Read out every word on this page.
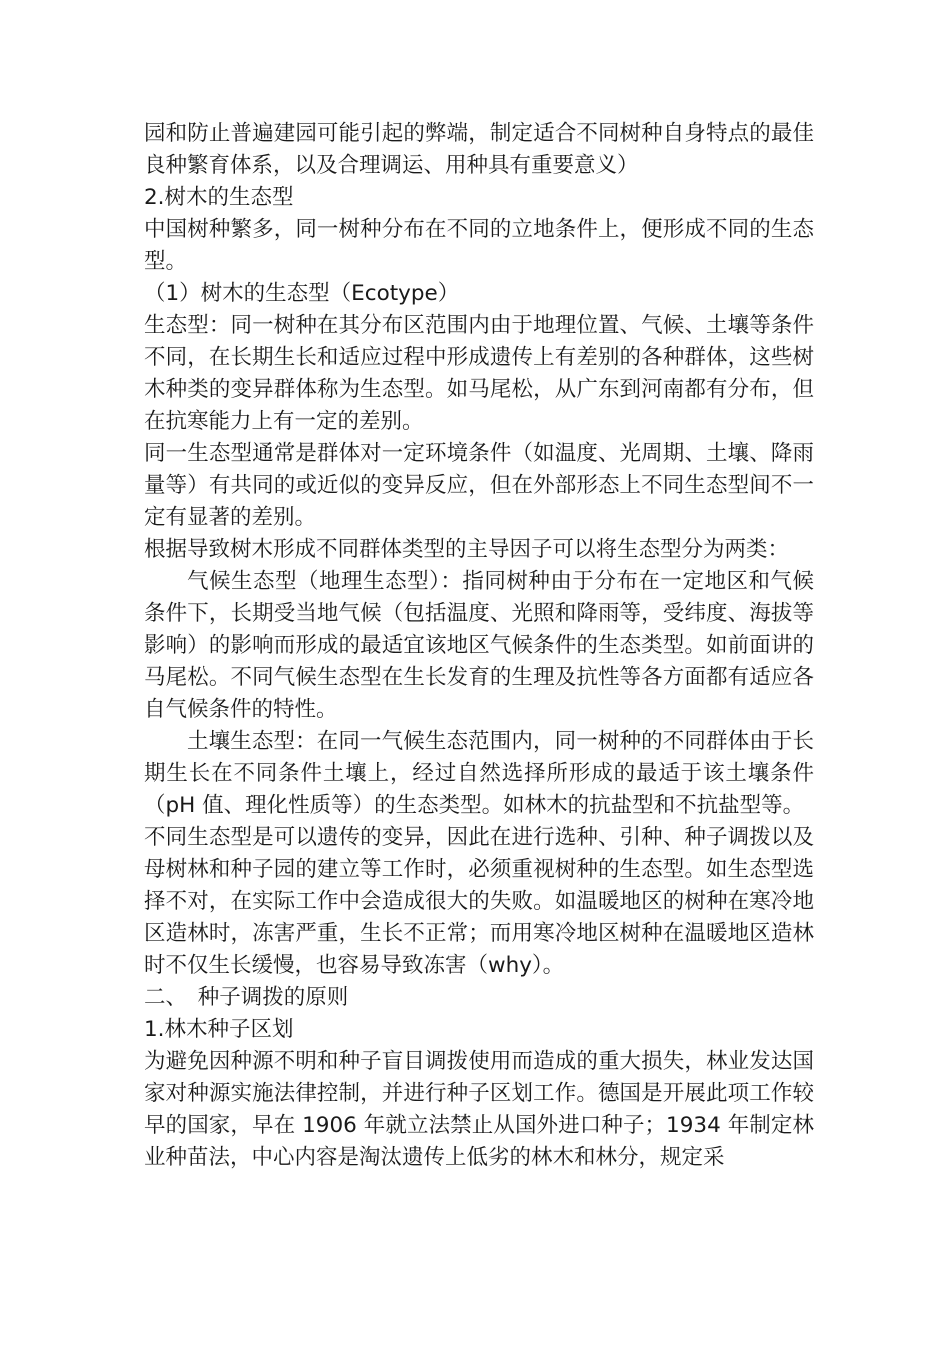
园和防止普遍建园可能引起的弊端，制定适合不同树种自身特点的最佳良种繁育体系，以及合理调运、用种具有重要意义）

2.树木的生态型

中国树种繁多，同一树种分布在不同的立地条件上，便形成不同的生态型。

（1）树木的生态型（Ecotype）

生态型：同一树种在其分布区范围内由于地理位置、气候、土壤等条件不同，在长期生长和适应过程中形成遗传上有差别的各种群体，这些树木种类的变异群体称为生态型。如马尾松，从广东到河南都有分布，但在抗寒能力上有一定的差别。

同一生态型通常是群体对一定环境条件（如温度、光周期、土壤、降雨量等）有共同的或近似的变异反应，但在外部形态上不同生态型间不一定有显著的差别。

根据导致树木形成不同群体类型的主导因子可以将生态型分为两类：

气候生态型（地理生态型）：指同树种由于分布在一定地区和气候条件下，长期受当地气候（包括温度、光照和降雨等，受纬度、海拔等影响）的影响而形成的最适宜该地区气候条件的生态类型。如前面讲的马尾松。不同气候生态型在生长发育的生理及抗性等各方面都有适应各自气候条件的特性。

土壤生态型：在同一气候生态范围内，同一树种的不同群体由于长期生长在不同条件土壤上，经过自然选择所形成的最适于该土壤条件（pH 值、理化性质等）的生态类型。如林木的抗盐型和不抗盐型等。

不同生态型是可以遗传的变异，因此在进行选种、引种、种子调拨以及母树林和种子园的建立等工作时，必须重视树种的生态型。如生态型选择不对，在实际工作中会造成很大的失败。如温暖地区的树种在寒冷地区造林时，冻害严重，生长不正常；而用寒冷地区树种在温暖地区造林时不仅生长缓慢，也容易导致冻害（why）。

二、　种子调拨的原则

1.林木种子区划

为避免因种源不明和种子盲目调拨使用而造成的重大损失，林业发达国家对种源实施法律控制，并进行种子区划工作。德国是开展此项工作较早的国家，早在 1906 年就立法禁止从国外进口种子；1934 年制定林业种苗法，中心内容是淘汰遗传上低劣的林木和林分，规定采
